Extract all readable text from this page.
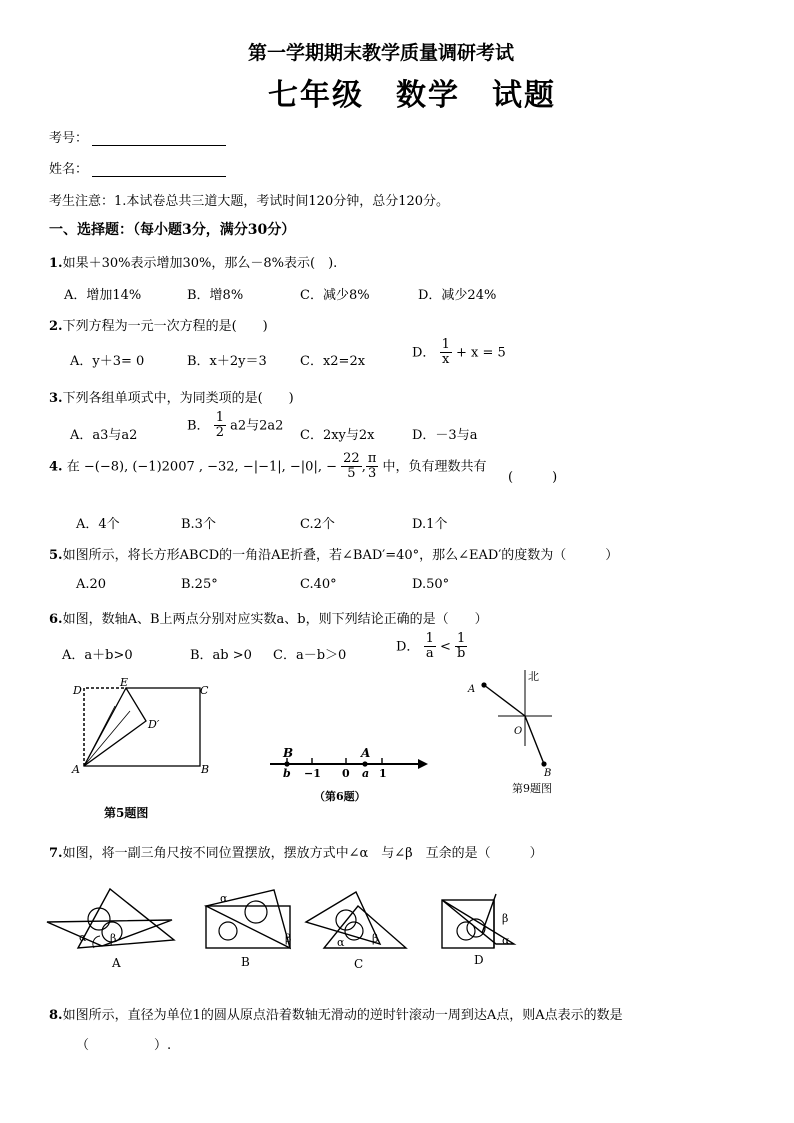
第一学期期末教学质量调研考试
七年级　数学　试题
考号：
姓名：
考生注意：1.本试卷总共三道大题，考试时间120分钟，总分120分。
一、选择题：（每小题3分，满分30分）
1.如果＋30%表示增加30%，那么－8%表示(　).
A．增加14%	B．增8%	C．减少8%	D．减少24%
2.下列方程为一元一次方程的是(　　)
A．y＋3= 0	B．x＋2y＝3	C．x2=2x
D． $\frac{1}{x} + x = 5$
3.下列各组单项式中，为同类项的是(　　)
A．a3与a2
B． $\frac{1}{2} a2$与2a2
C．2xy与2x	D．－3与a
4. 在 −(−8), (−1)2007 , −32, −|−1|, −|0|, − $\frac{22}{5}$ , $\frac{\pi}{3}$ 中，负有理数共有
(　　　)
A．4个	B.3个	C.2个	D.1个
5.如图所示，将长方形ABCD的一角沿AE折叠，若∠BAD′=40°，那么∠EAD′的度数为（　　　）
A.20	B.25°	C.40°	D.50°
6.如图，数轴A、B上两点分别对应实数a、b，则下列结论正确的是（　　）
A．a＋b>0	B．ab >0 C．a－b＞0
D． $\frac{1}{a} < \frac{1}{b}$
D
E
C
D′
A	B
第5题图
B	A
b −1 0 a 1
（第6题）
北
A
O
B
第9题图
7.如图，将一副三角尺按不同位置摆放，摆放方式中∠α　与∠β　互余的是（　　　）
α β
A
α
β
B
α	β
C
β
α
D
8.如图所示，直径为单位1的圆从原点沿着数轴无滑动的逆时针滚动一周到达A点，则A点表示的数是
（　　　　　）.
